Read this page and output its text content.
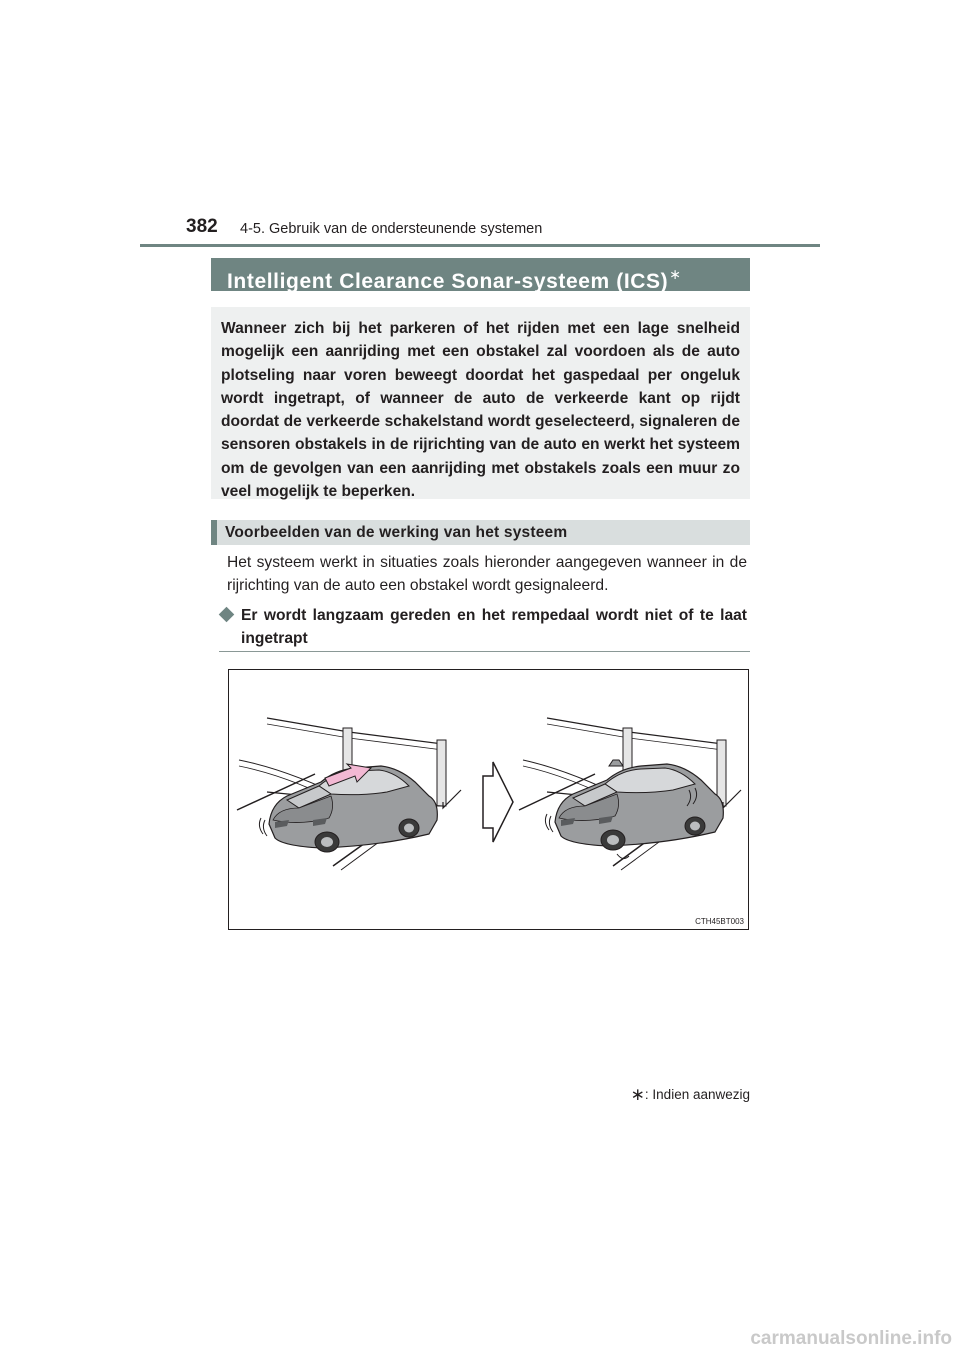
382 4-5. Gebruik van de ondersteunende systemen
Intelligent Clearance Sonar-systeem (ICS)∗

Wanneer zich bij het parkeren of het rijden met een lage snelheid mogelijk een aanrijding met een obstakel zal voordoen als de auto plotseling naar voren beweegt doordat het gaspedaal per ongeluk wordt ingetrapt, of wanneer de auto de verkeerde kant op rijdt doordat de verkeerde schakelstand wordt geselecteerd, signaleren de sensoren obstakels in de rijrichting van de auto en werkt het systeem om de gevolgen van een aanrijding met obstakels zoals een muur zo veel mogelijk te beperken.

Voorbeelden van de werking van het systeem

Het systeem werkt in situaties zoals hieronder aangegeven wanneer in de rijrichting van de auto een obstakel wordt gesignaleerd.

Er wordt langzaam gereden en het rempedaal wordt niet of te laat ingetrapt

CTH45BT003
∗: Indien aanwezig
carmanualsonline.info
